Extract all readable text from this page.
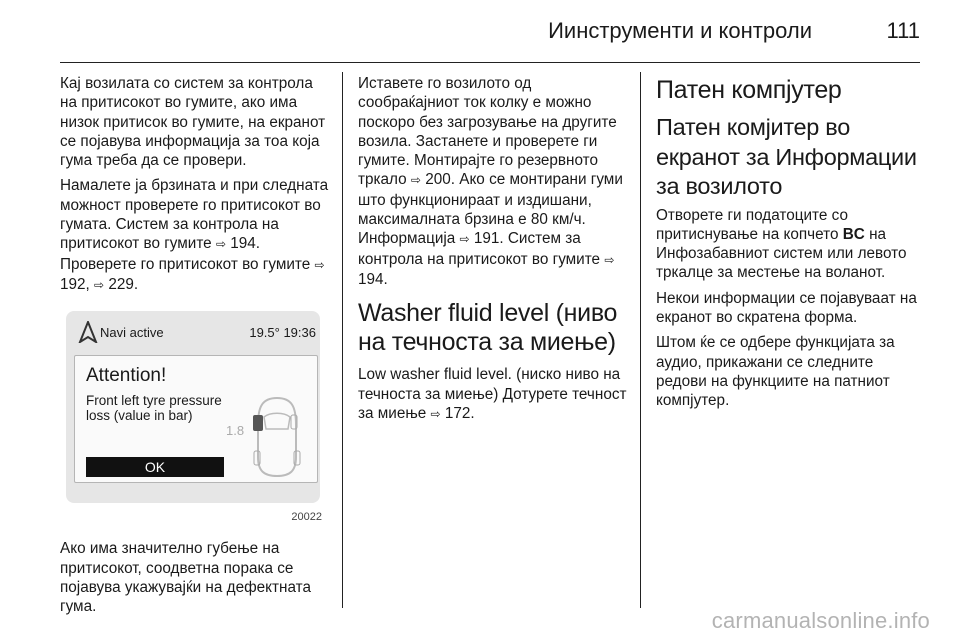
Иинструменти и контроли	111

Кај возилата со систем за контрола на притисокот во гумите, ако има низок притисок во гумите, на екранот се појавува информација за тоа која гума треба да се провери.

Намалете ја брзината и при следната можност проверете го притисокот во гумата. Систем за контрола на притисокот во гумите ⇨ 194. Проверете го притисокот во гумите ⇨ 192, ⇨ 229.

Navi active	19.5° 19:36
Attention!
Front left tyre pressure loss (value in bar)
1.8
OK
20022

Ако има значително губење на притисокот, соодветна порака се појавува укажувајќи на дефектната гума.

Иставете го возилото од сообраќајниот ток колку е можно поскоро без загрозување на другите возила. Застанете и проверете ги гумите. Монтирајте го резервното тркало ⇨ 200. Ако се монтирани гуми што функционираат и издишани, максималната брзина е 80 км/ч. Информација ⇨ 191. Систем за контрола на притисокот во гумите ⇨ 194.

Washer fluid level (ниво на течноста за миење)

Low washer fluid level. (ниско ниво на течноста за миење) Дотурете течност за миење ⇨ 172.

Патен компјутер
Патен комјитер во екранот за Информации за возилото

Отворете ги податоците со притиснување на копчето BC на Инфозабавниот систем или левото тркалце за местење на воланот.

Некои информации се појавуваат на екранот во скратена форма.

Штом ќе се одбере функцијата за аудио, прикажани се следните редови на функциите на патниот компјутер.

carmanualsonline.info
